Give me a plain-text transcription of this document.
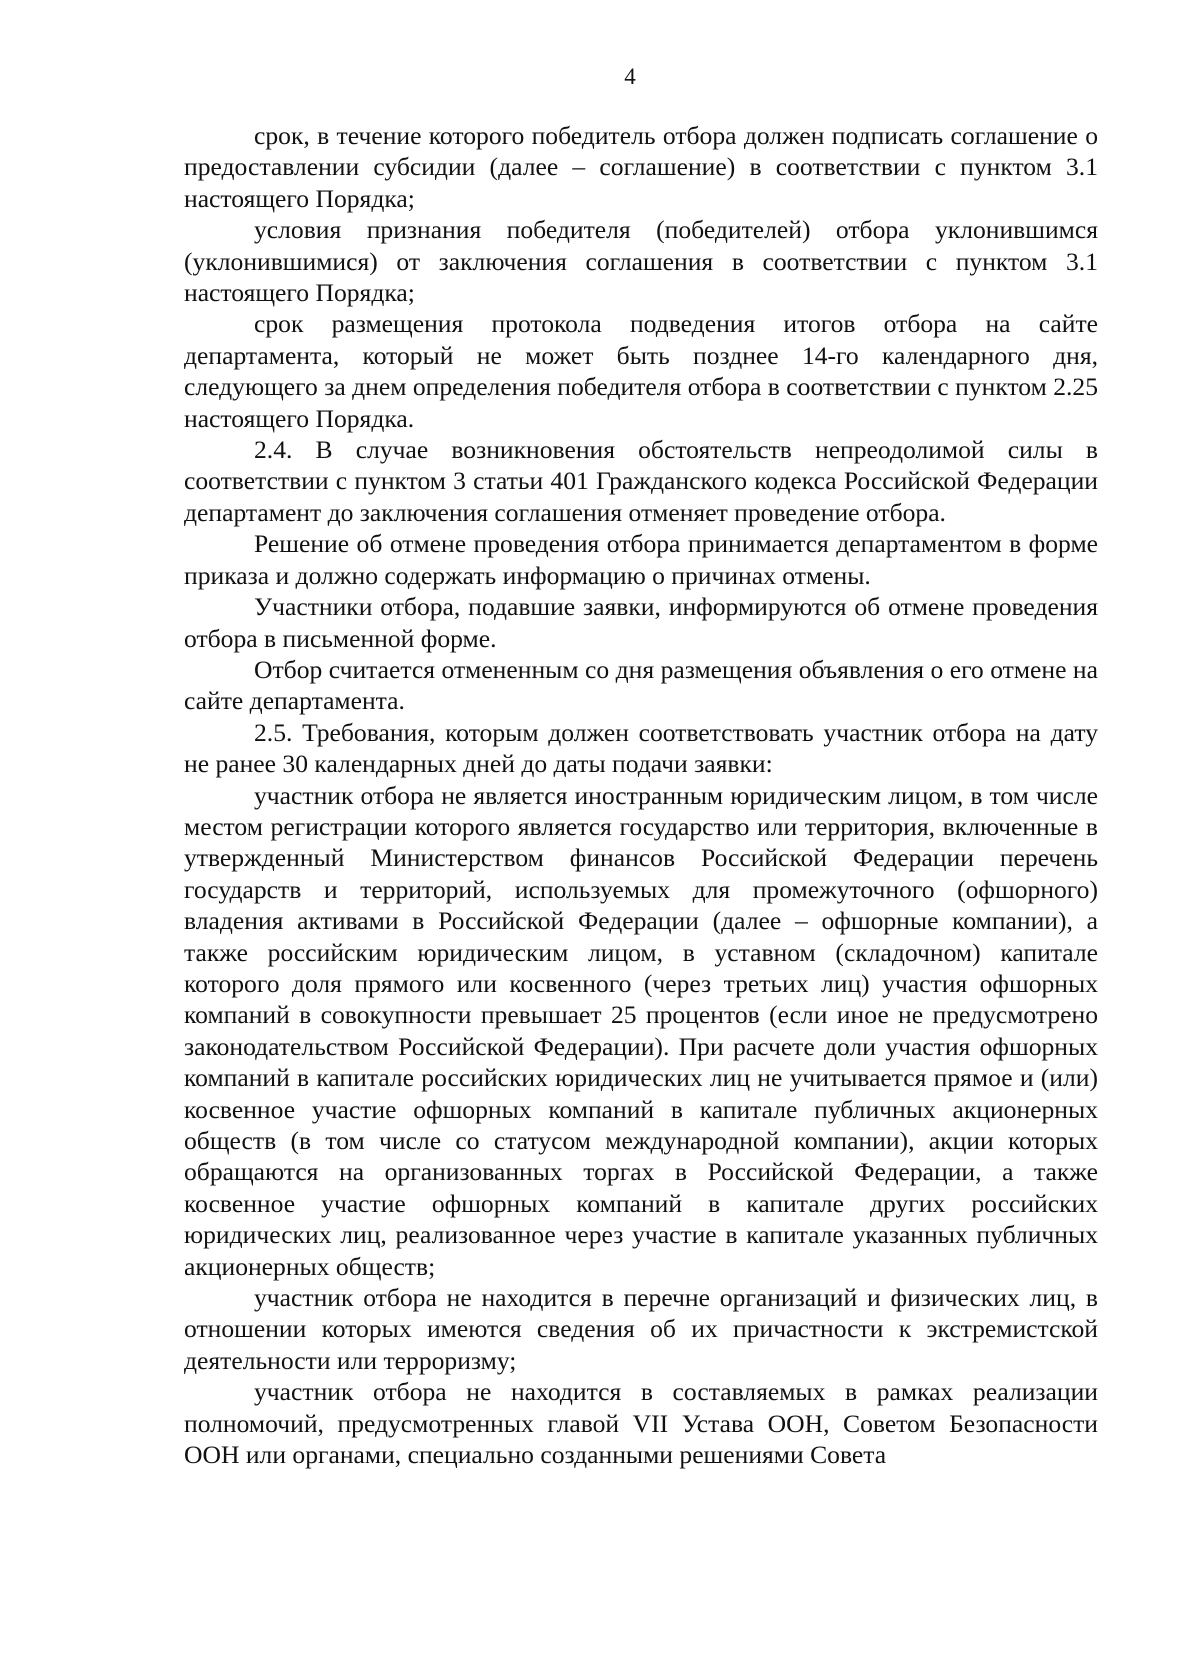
4

срок, в течение которого победитель отбора должен подписать соглашение о предоставлении субсидии (далее – соглашение) в соответствии с пунктом 3.1 настоящего Порядка;

условия признания победителя (победителей) отбора уклонившимся (уклонившимися) от заключения соглашения в соответствии с пунктом 3.1 настоящего Порядка;

срок размещения протокола подведения итогов отбора на сайте департамента, который не может быть позднее 14-го календарного дня, следующего за днем определения победителя отбора в соответствии с пунктом 2.25 настоящего Порядка.

2.4. В случае возникновения обстоятельств непреодолимой силы в соответствии с пунктом 3 статьи 401 Гражданского кодекса Российской Федерации департамент до заключения соглашения отменяет проведение отбора.

Решение об отмене проведения отбора принимается департаментом в форме приказа и должно содержать информацию о причинах отмены.

Участники отбора, подавшие заявки, информируются об отмене проведения отбора в письменной форме.

Отбор считается отмененным со дня размещения объявления о его отмене на сайте департамента.

2.5. Требования, которым должен соответствовать участник отбора на дату не ранее 30 календарных дней до даты подачи заявки:

участник отбора не является иностранным юридическим лицом, в том числе местом регистрации которого является государство или территория, включенные в утвержденный Министерством финансов Российской Федерации перечень государств и территорий, используемых для промежуточного (офшорного) владения активами в Российской Федерации (далее – офшорные компании), а также российским юридическим лицом, в уставном (складочном) капитале которого доля прямого или косвенного (через третьих лиц) участия офшорных компаний в совокупности превышает 25 процентов (если иное не предусмотрено законодательством Российской Федерации). При расчете доли участия офшорных компаний в капитале российских юридических лиц не учитывается прямое и (или) косвенное участие офшорных компаний в капитале публичных акционерных обществ (в том числе со статусом международной компании), акции которых обращаются на организованных торгах в Российской Федерации, а также косвенное участие офшорных компаний в капитале других российских юридических лиц, реализованное через участие в капитале указанных публичных акционерных обществ;

участник отбора не находится в перечне организаций и физических лиц, в отношении которых имеются сведения об их причастности к экстремистской деятельности или терроризму;

участник отбора не находится в составляемых в рамках реализации полномочий, предусмотренных главой VII Устава ООН, Советом Безопасности ООН или органами, специально созданными решениями Совета
